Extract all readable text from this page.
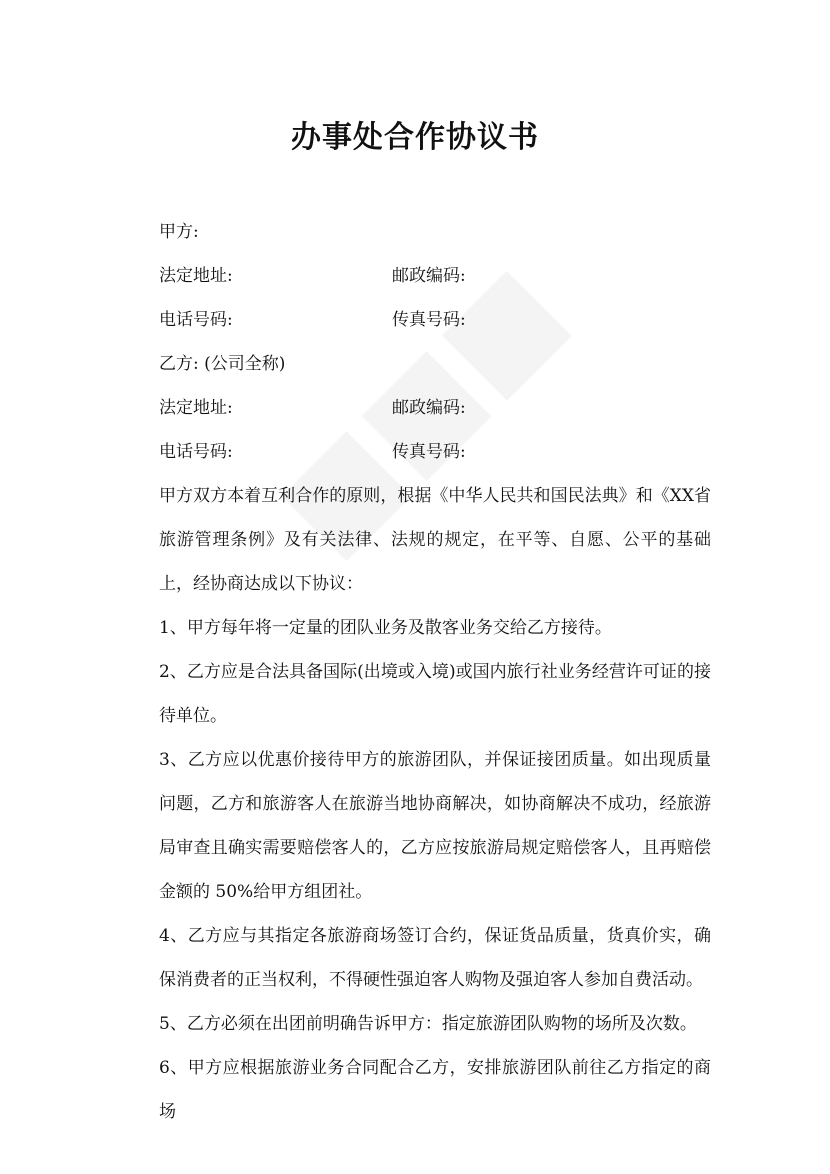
办事处合作协议书
甲方:
法定地址:	邮政编码:
电话号码:	传真号码:
乙方: (公司全称)
法定地址:	邮政编码:
电话号码:	传真号码:

甲方双方本着互利合作的原则，根据《中华人民共和国民法典》和《XX省旅游管理条例》及有关法律、法规的规定，在平等、自愿、公平的基础上，经协商达成以下协议：

1、甲方每年将一定量的团队业务及散客业务交给乙方接待。

2、乙方应是合法具备国际(出境或入境)或国内旅行社业务经营许可证的接待单位。

3、乙方应以优惠价接待甲方的旅游团队，并保证接团质量。如出现质量问题，乙方和旅游客人在旅游当地协商解决，如协商解决不成功，经旅游局审查且确实需要赔偿客人的，乙方应按旅游局规定赔偿客人，且再赔偿金额的 50%给甲方组团社。

4、乙方应与其指定各旅游商场签订合约，保证货品质量，货真价实，确保消费者的正当权利，不得硬性强迫客人购物及强迫客人参加自费活动。

5、乙方必须在出团前明确告诉甲方：指定旅游团队购物的场所及次数。

6、甲方应根据旅游业务合同配合乙方，安排旅游团队前往乙方指定的商场
